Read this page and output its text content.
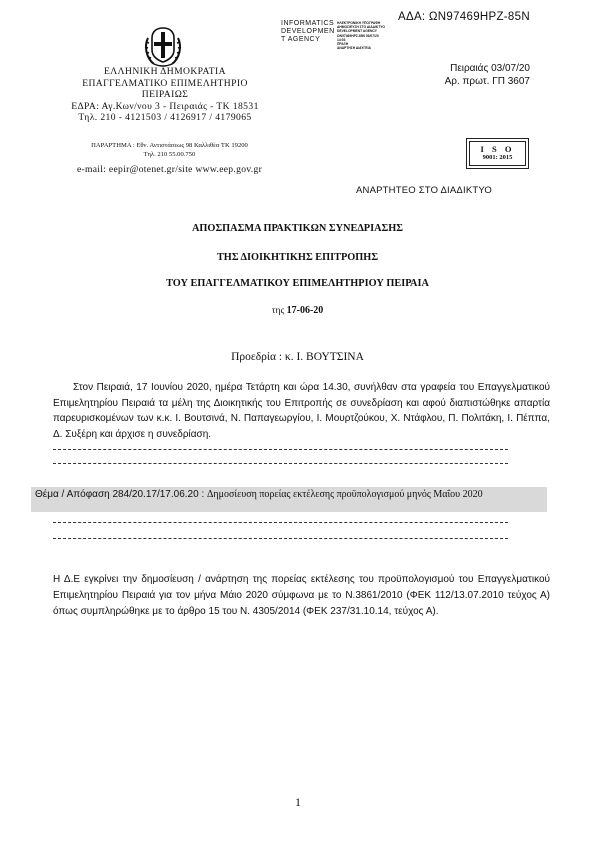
ΑΔΑ: ΩΝ97469ΗΡΖ-85Ν
INFORMATICS
DEVELOPMEN
T AGENCY
ΗΛΕΚΤΡΟΝΙΚΗ ΥΠΟΓΡΑΦΗ
ΔΗΜΟΣΙΕΥΣΗ ΣΤΟ ΔΙΑΔΙΚΤΥΟ
DEVELOPMENT AGENCY
ΩΝ97469ΗΡΖ-85Ν 03/07/20
14:03
ΠΡΑΞΗ
ΑΝΑΡΤΗΣΗ ΔΙΑΥΓΕΙΑ
ΕΛΛΗΝΙΚΗ ΔΗΜΟΚΡΑΤΙΑ
ΕΠΑΓΓΕΛΜΑΤΙΚΟ ΕΠΙΜΕΛΗΤΗΡΙΟ
ΠΕΙΡΑΙΩΣ
ΕΔΡΑ: Αγ.Κων/νου 3 - Πειραιάς - ΤΚ 18531
Τηλ. 210 - 4121503 / 4126917 / 4179065
ΠΑΡΑΡΤΗΜΑ : Εθν. Αντιστάσεως 98 Καλλιθέα ΤΚ 19200
Τηλ. 210 55.00.750
e-mail: eepir@otenet.gr/site www.eep.gov.gr
Πειραιάς 03/07/20
Αρ. πρωτ. ΓΠ 3607
I S O
9001: 2015
ΑΝΑΡΤΗΤΕΟ ΣΤΟ ΔΙΑΔΙΚΤΥΟ
ΑΠΟΣΠΑΣΜΑ ΠΡΑΚΤΙΚΩΝ ΣΥΝΕΔΡΙΑΣΗΣ
ΤΗΣ ΔΙΟΙΚΗΤΙΚΗΣ ΕΠΙΤΡΟΠΗΣ
ΤΟΥ ΕΠΑΓΓΕΛΜΑΤΙΚΟΥ ΕΠΙΜΕΛΗΤΗΡΙΟΥ ΠΕΙΡΑΙΑ
της 17-06-20
Προεδρία : κ. Ι. ΒΟΥΤΣΙΝΑ
Στον Πειραιά, 17 Ιουνίου 2020, ημέρα Τετάρτη και ώρα 14.30, συνήλθαν στα γραφεία του Επαγγελματικού Επιμελητηρίου Πειραιά τα μέλη της Διοικητικής του Επιτροπής σε συνεδρίαση και αφού διαπιστώθηκε απαρτία παρευρισκομένων των κ.κ. Ι. Βουτσινά, Ν. Παπαγεωργίου, Ι. Μουρτζούκου, Χ. Ντάφλου, Π. Πολιτάκη, Ι. Πέππα, Δ. Συξέρη και άρχισε η συνεδρίαση.
Θέμα / Απόφαση 284/20.17/17.06.20 : Δημοσίευση πορείας εκτέλεσης προϋπολογισμού μηνός Μαΐου 2020
Η Δ.Ε εγκρίνει την δημοσίευση / ανάρτηση της πορείας εκτέλεσης του προϋπολογισμού του Επαγγελματικού Επιμελητηρίου Πειραιά για τον μήνα Μάιο 2020 σύμφωνα με το Ν.3861/2010 (ΦΕΚ 112/13.07.2010 τεύχος Α) όπως συμπληρώθηκε με το άρθρο 15 του Ν. 4305/2014 (ΦΕΚ 237/31.10.14, τεύχος Α).
1
